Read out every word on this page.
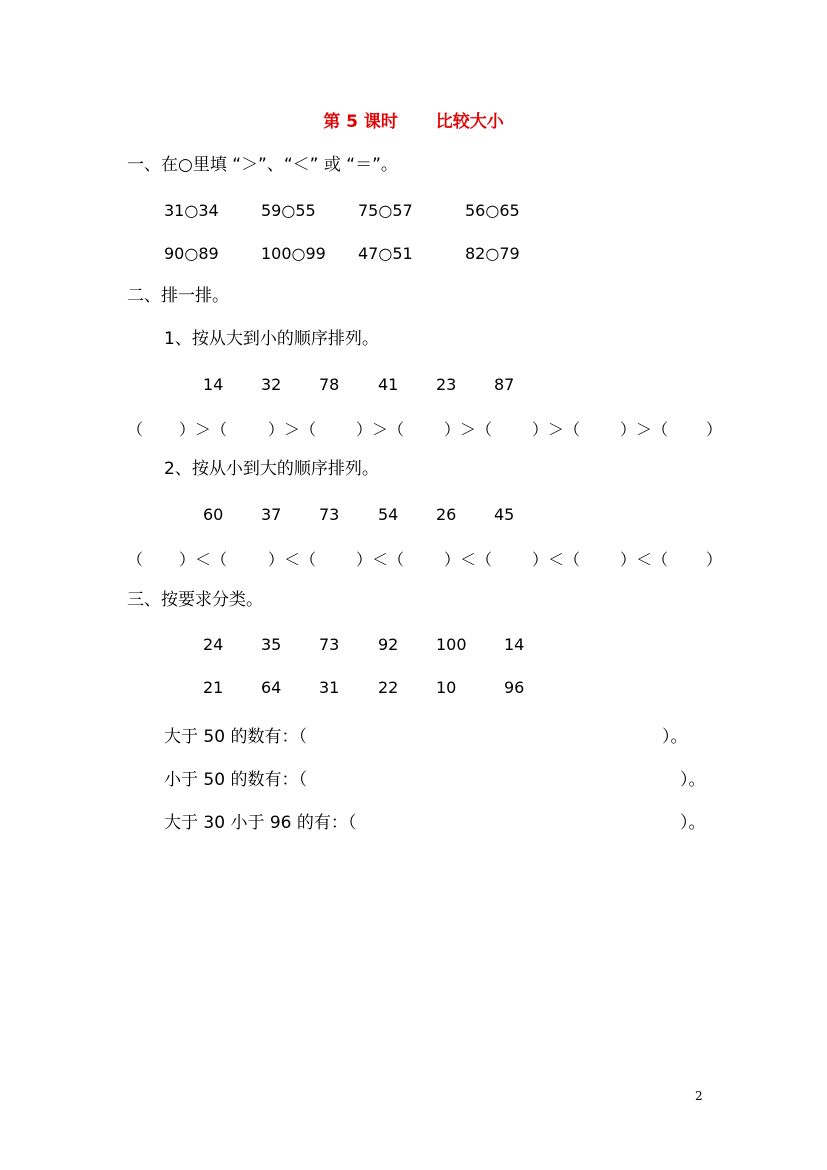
第 5 课时 比较大小
一、在○里填 “＞”、“＜” 或 “＝”。
31○34	59○55	75○57	56○65
90○89	100○99 47○51	82○79
二、排一排。
1、按从大到小的顺序排列。
14 32 78 41 23 87
（ ）＞（	）＞（ ）＞（ ）＞（ ）＞（ ）＞（ ）
2、按从小到大的顺序排列。
60 37 73 54 26 45
（ ）＜（	）＜（ ）＜（ ）＜（ ）＜（ ）＜（ ）
三、按要求分类。
24 35 73 92 100 14
21 64 31 22 10	96
大于 50 的数有：（	）。
小于 50 的数有：（	）。
大于 30 小于 96 的有：（	）。
2
